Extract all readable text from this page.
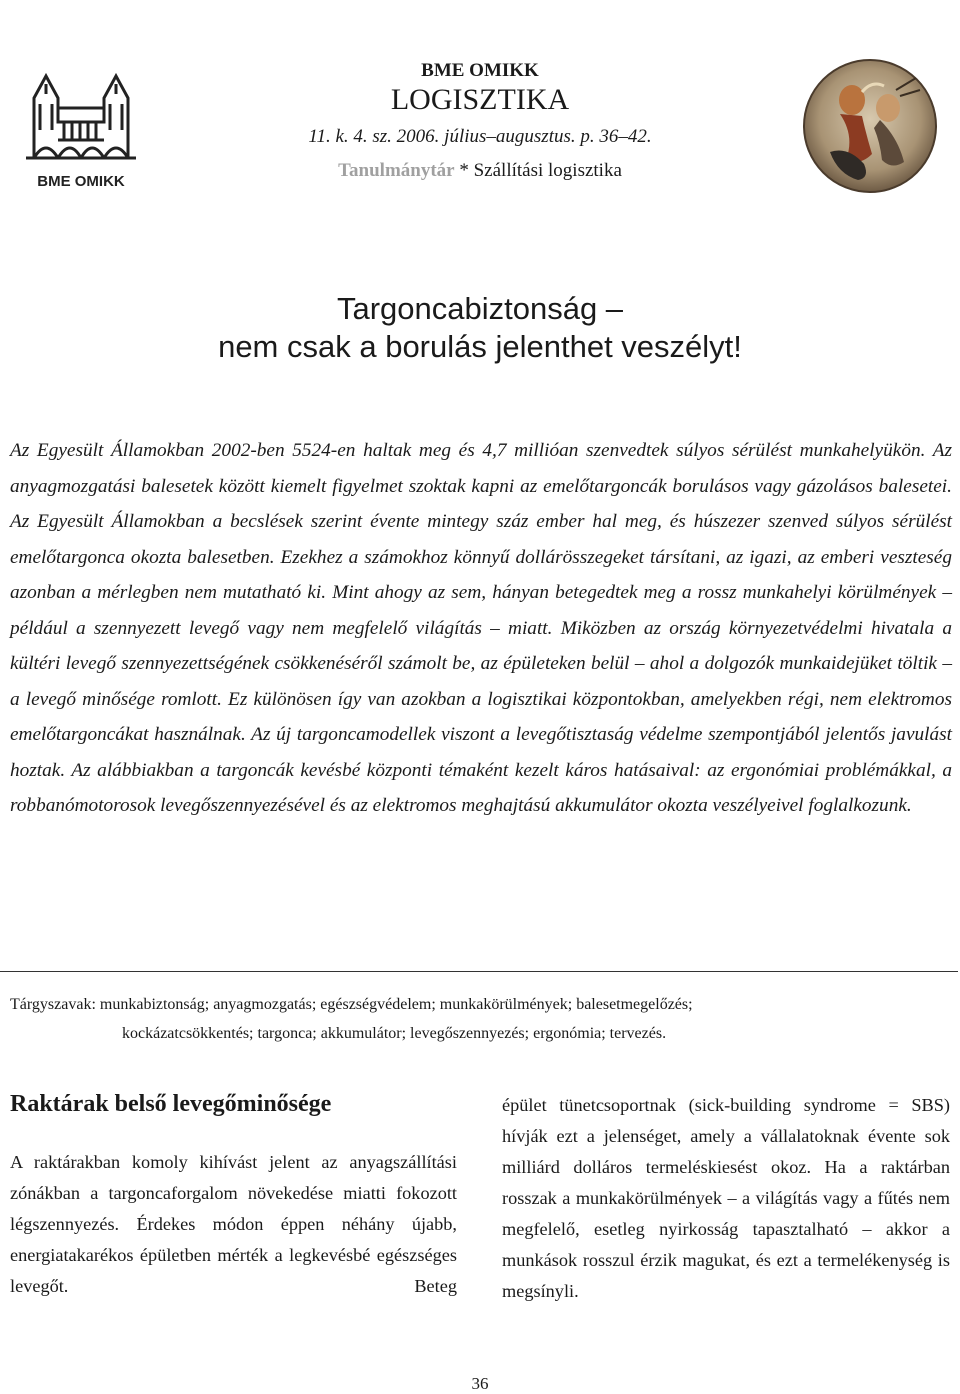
BME OMIKK
BME OMIKK
LOGISZTIKA
11. k. 4. sz. 2006. július–augusztus. p. 36–42.
Tanulmánytár * Szállítási logisztika
Targoncabiztonság –
nem csak a borulás jelenthet veszélyt!
Az Egyesült Államokban 2002-ben 5524-en haltak meg és 4,7 millióan szenvedtek súlyos sérülést munkahelyükön. Az anyagmozgatási balesetek között kiemelt figyelmet szoktak kapni az emelőtargoncák borulásos vagy gázolásos balesetei. Az Egyesült Államokban a becslések szerint évente mintegy száz ember hal meg, és húszezer szenved súlyos sérülést emelőtargonca okozta balesetben. Ezekhez a számokhoz könnyű dollárösszegeket társítani, az igazi, az emberi veszteség azonban a mérlegben nem mutatható ki. Mint ahogy az sem, hányan betegedtek meg a rossz munkahelyi körülmények – például a szennyezett levegő vagy nem megfelelő világítás – miatt. Miközben az ország környezetvédelmi hivatala a kültéri levegő szennyezettségének csökkenéséről számolt be, az épületeken belül – ahol a dolgozók munkaidejüket töltik – a levegő minősége romlott. Ez különösen így van azokban a logisztikai központokban, amelyekben régi, nem elektromos emelőtargoncákat használnak. Az új targoncamodellek viszont a levegőtisztaság védelme szempontjából jelentős javulást hoztak. Az alábbiakban a targoncák kevésbé központi témaként kezelt káros hatásaival: az ergonómiai problémákkal, a robbanómotorosok levegőszennyezésével és az elektromos meghajtású akkumulátor okozta veszélyeivel foglalkozunk.
Tárgyszavak: munkabiztonság; anyagmozgatás; egészségvédelem; munkakörülmények; balesetmegelőzés;
kockázatcsökkentés; targonca; akkumulátor; levegőszennyezés; ergonómia; tervezés.
Raktárak belső levegőminősége

A raktárakban komoly kihívást jelent az anyagszállítási zónákban a targoncaforgalom növekedése miatti fokozott légszennyezés. Érdekes módon éppen néhány újabb, energiatakarékos épületben mérték a legkevésbé egészséges levegőt. Beteg

épület tünetcsoportnak (sick-building syndrome = SBS) hívják ezt a jelenséget, amely a vállalatoknak évente sok milliárd dolláros termeléskiesést okoz. Ha a raktárban rosszak a munkakörülmények – a világítás vagy a fűtés nem megfelelő, esetleg nyirkosság tapasztalható – akkor a munkások rosszul érzik magukat, és ezt a termelékenység is megsínyli.

36
